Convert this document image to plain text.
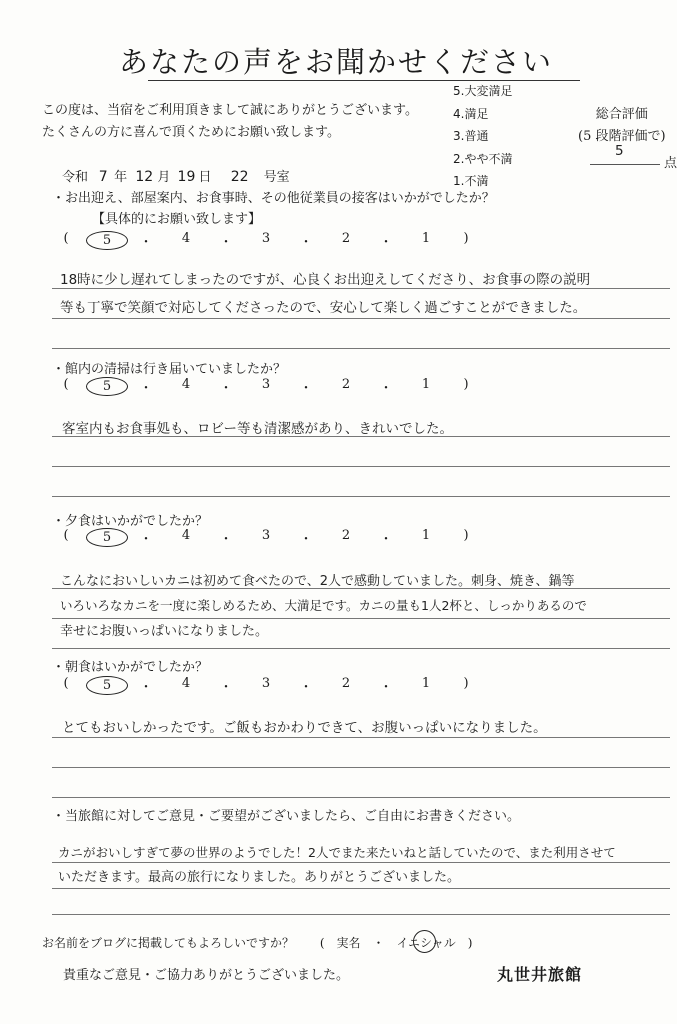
あなたの声をお聞かせください
この度は、当宿をご利用頂きまして誠にありがとうございます。
たくさんの方に喜んで頂くためにお願い致します。
5.大変満足
4.満足
3.普通
2.やや不満
1.不満
総合評価
(5 段階評価で)
5
点
令和 7 年 12 月 19 日 22 号室
・お出迎え、部屋案内、お食事時、その他従業員の接客はいかがでしたか？
【具体的にお願い致します】
(	5	・	4	・	3	・	2	・	1	)
18時に少し遅れてしまったのですが、心良くお出迎えしてくださり、お食事の際の説明
等も丁寧で笑顔で対応してくださったので、安心して楽しく過ごすことができました。
・館内の清掃は行き届いていましたか？
(	5	・	4	・	3	・	2	・	1	)
客室内もお食事処も、ロビー等も清潔感があり、きれいでした。
・夕食はいかがでしたか？
(	5	・	4	・	3	・	2	・	1	)
こんなにおいしいカニは初めて食べたので、2人で感動していました。刺身、焼き、鍋等
いろいろなカニを一度に楽しめるため、大満足です。カニの量も1人2杯と、しっかりあるので
幸せにお腹いっぱいになりました。
・朝食はいかがでしたか？
(	5	・	4	・	3	・	2	・	1	)
とてもおいしかったです。ご飯もおかわりできて、お腹いっぱいになりました。
・当旅館に対してご意見・ご要望がございましたら、ご自由にお書きください。
カニがおいしすぎて夢の世界のようでした！2人でまた来たいねと話していたので、また利用させて
いただきます。最高の旅行になりました。ありがとうございました。
お名前をブログに掲載してもよろしいですか？ (　実名　・　イニシャル　)
貴重なご意見・ご協力ありがとうございました。	丸世井旅館
